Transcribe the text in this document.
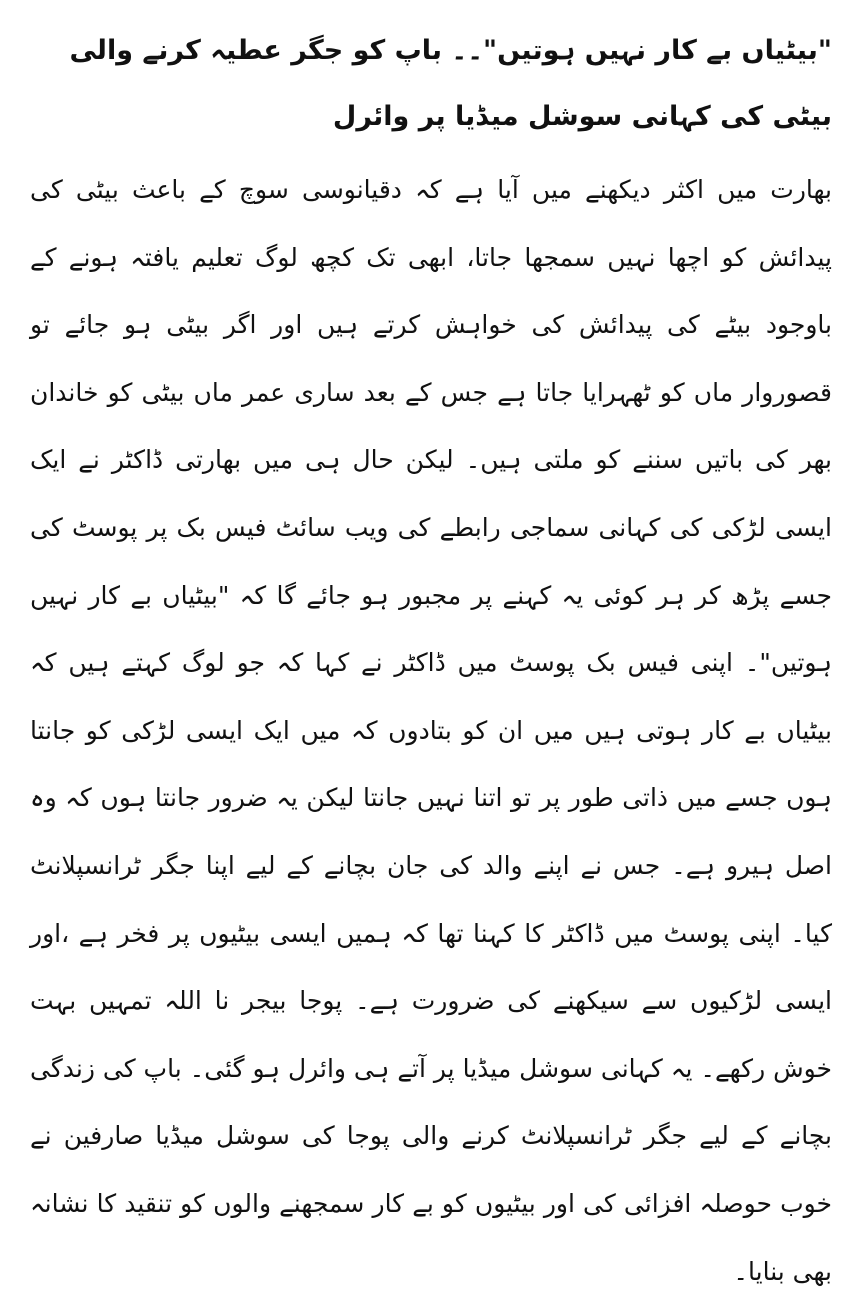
"بیٹیاں بے کار نہیں ہوتیں"۔۔ باپ کو جگر عطیہ کرنے والی بیٹی کی کہانی سوشل میڈیا پر وائرل

بھارت میں اکثر دیکھنے میں آیا ہے کہ دقیانوسی سوچ کے باعث بیٹی کی پیدائش کو اچھا نہیں سمجھا جاتا، ابھی تک کچھ لوگ تعلیم یافتہ ہونے کے باوجود بیٹے کی پیدائش کی خواہش کرتے ہیں اور اگر بیٹی ہو جائے تو قصوروار ماں کو ٹھہرایا جاتا ہے جس کے بعد ساری عمر ماں بیٹی کو خاندان بھر کی باتیں سننے کو ملتی ہیں۔ لیکن حال ہی میں بھارتی ڈاکٹر نے ایک ایسی لڑکی کی کہانی سماجی رابطے کی ویب سائٹ فیس بک پر پوسٹ کی جسے پڑھ کر ہر کوئی یہ کہنے پر مجبور ہو جائے گا کہ "بیٹیاں بے کار نہیں ہوتیں"۔ اپنی فیس بک پوسٹ میں ڈاکٹر نے کہا کہ جو لوگ کہتے ہیں کہ بیٹیاں بے کار ہوتی ہیں میں ان کو بتادوں کہ میں ایک ایسی لڑکی کو جانتا ہوں جسے میں ذاتی طور پر تو اتنا نہیں جانتا لیکن یہ ضرور جانتا ہوں کہ وہ اصل ہیرو ہے۔ جس نے اپنے والد کی جان بچانے کے لیے اپنا جگر ٹرانسپلانٹ کیا۔ اپنی پوسٹ میں ڈاکٹر کا کہنا تھا کہ ہمیں ایسی بیٹیوں پر فخر ہے ،اور ایسی لڑکیوں سے سیکھنے کی ضرورت ہے۔ پوجا بیجر نا اللہ تمہیں بہت خوش رکھے۔ یہ کہانی سوشل میڈیا پر آتے ہی وائرل ہو گئی۔ باپ کی زندگی بچانے کے لیے جگر ٹرانسپلانٹ کرنے والی پوجا کی سوشل میڈیا صارفین نے خوب حوصلہ افزائی کی اور بیٹیوں کو بے کار سمجھنے والوں کو تنقید کا نشانہ بھی بنایا۔
